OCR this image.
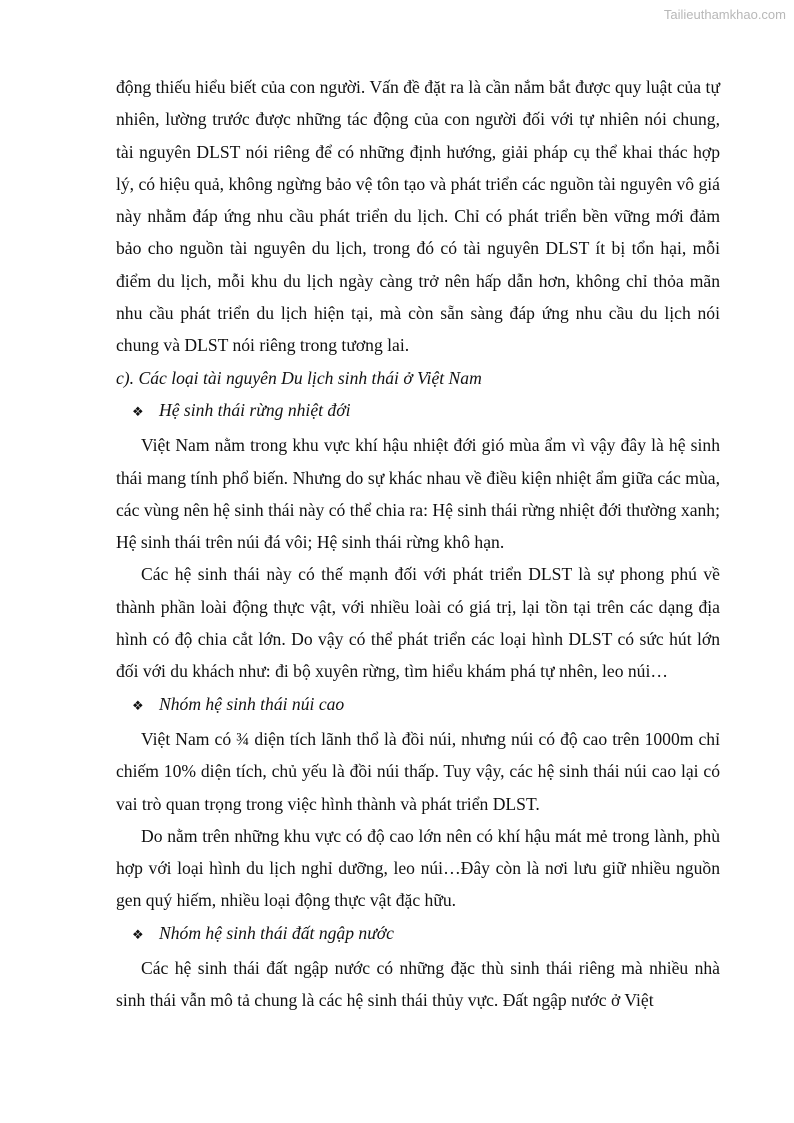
Tailieuthamkhao.com

động thiếu hiểu biết của con người. Vấn đề đặt ra là cần nắm bắt được quy luật của tự nhiên, lường trước được những tác động của con người đối với tự nhiên nói chung, tài nguyên DLST nói riêng để có những định hướng, giải pháp cụ thể khai thác hợp lý, có hiệu quả, không ngừng bảo vệ tôn tạo và phát triển các nguồn tài nguyên vô giá này nhằm đáp ứng nhu cầu phát triển du lịch. Chỉ có phát triển bền vững mới đảm bảo cho nguồn tài nguyên du lịch, trong đó có tài nguyên DLST ít bị tổn hại, mỗi điểm du lịch, mỗi khu du lịch ngày càng trở nên hấp dẫn hơn, không chỉ thỏa mãn nhu cầu phát triển du lịch hiện tại, mà còn sẵn sàng đáp ứng nhu cầu du lịch nói chung và DLST nói riêng trong tương lai.

c). Các loại tài nguyên Du lịch sinh thái ở Việt Nam

❖ Hệ sinh thái rừng nhiệt đới

Việt Nam nằm trong khu vực khí hậu nhiệt đới gió mùa ẩm vì vậy đây là hệ sinh thái mang tính phổ biến. Nhưng do sự khác nhau về điều kiện nhiệt ẩm giữa các mùa, các vùng nên hệ sinh thái này có thể chia ra: Hệ sinh thái rừng nhiệt đới thường xanh; Hệ sinh thái trên núi đá vôi; Hệ sinh thái rừng khô hạn.

Các hệ sinh thái này có thế mạnh đối với phát triển DLST là sự phong phú về thành phần loài động thực vật, với nhiều loài có giá trị, lại tồn tại trên các dạng địa hình có độ chia cắt lớn. Do vậy có thể phát triển các loại hình DLST có sức hút lớn đối với du khách như: đi bộ xuyên rừng, tìm hiểu khám phá tự nhên, leo núi…

❖ Nhóm hệ sinh thái núi cao

Việt Nam có ¾ diện tích lãnh thổ là đồi núi, nhưng núi có độ cao trên 1000m chỉ chiếm 10% diện tích, chủ yếu là đồi núi thấp. Tuy vậy, các hệ sinh thái núi cao lại có vai trò quan trọng trong việc hình thành và phát triển DLST.

Do nằm trên những khu vực có độ cao lớn nên có khí hậu mát mẻ trong lành, phù hợp với loại hình du lịch nghỉ dưỡng, leo núi…Đây còn là nơi lưu giữ nhiều nguồn gen quý hiếm, nhiều loại động thực vật đặc hữu.

❖ Nhóm hệ sinh thái đất ngập nước

Các hệ sinh thái đất ngập nước có những đặc thù sinh thái riêng mà nhiều nhà sinh thái vẫn mô tả chung là các hệ sinh thái thủy vực. Đất ngập nước ở Việt
